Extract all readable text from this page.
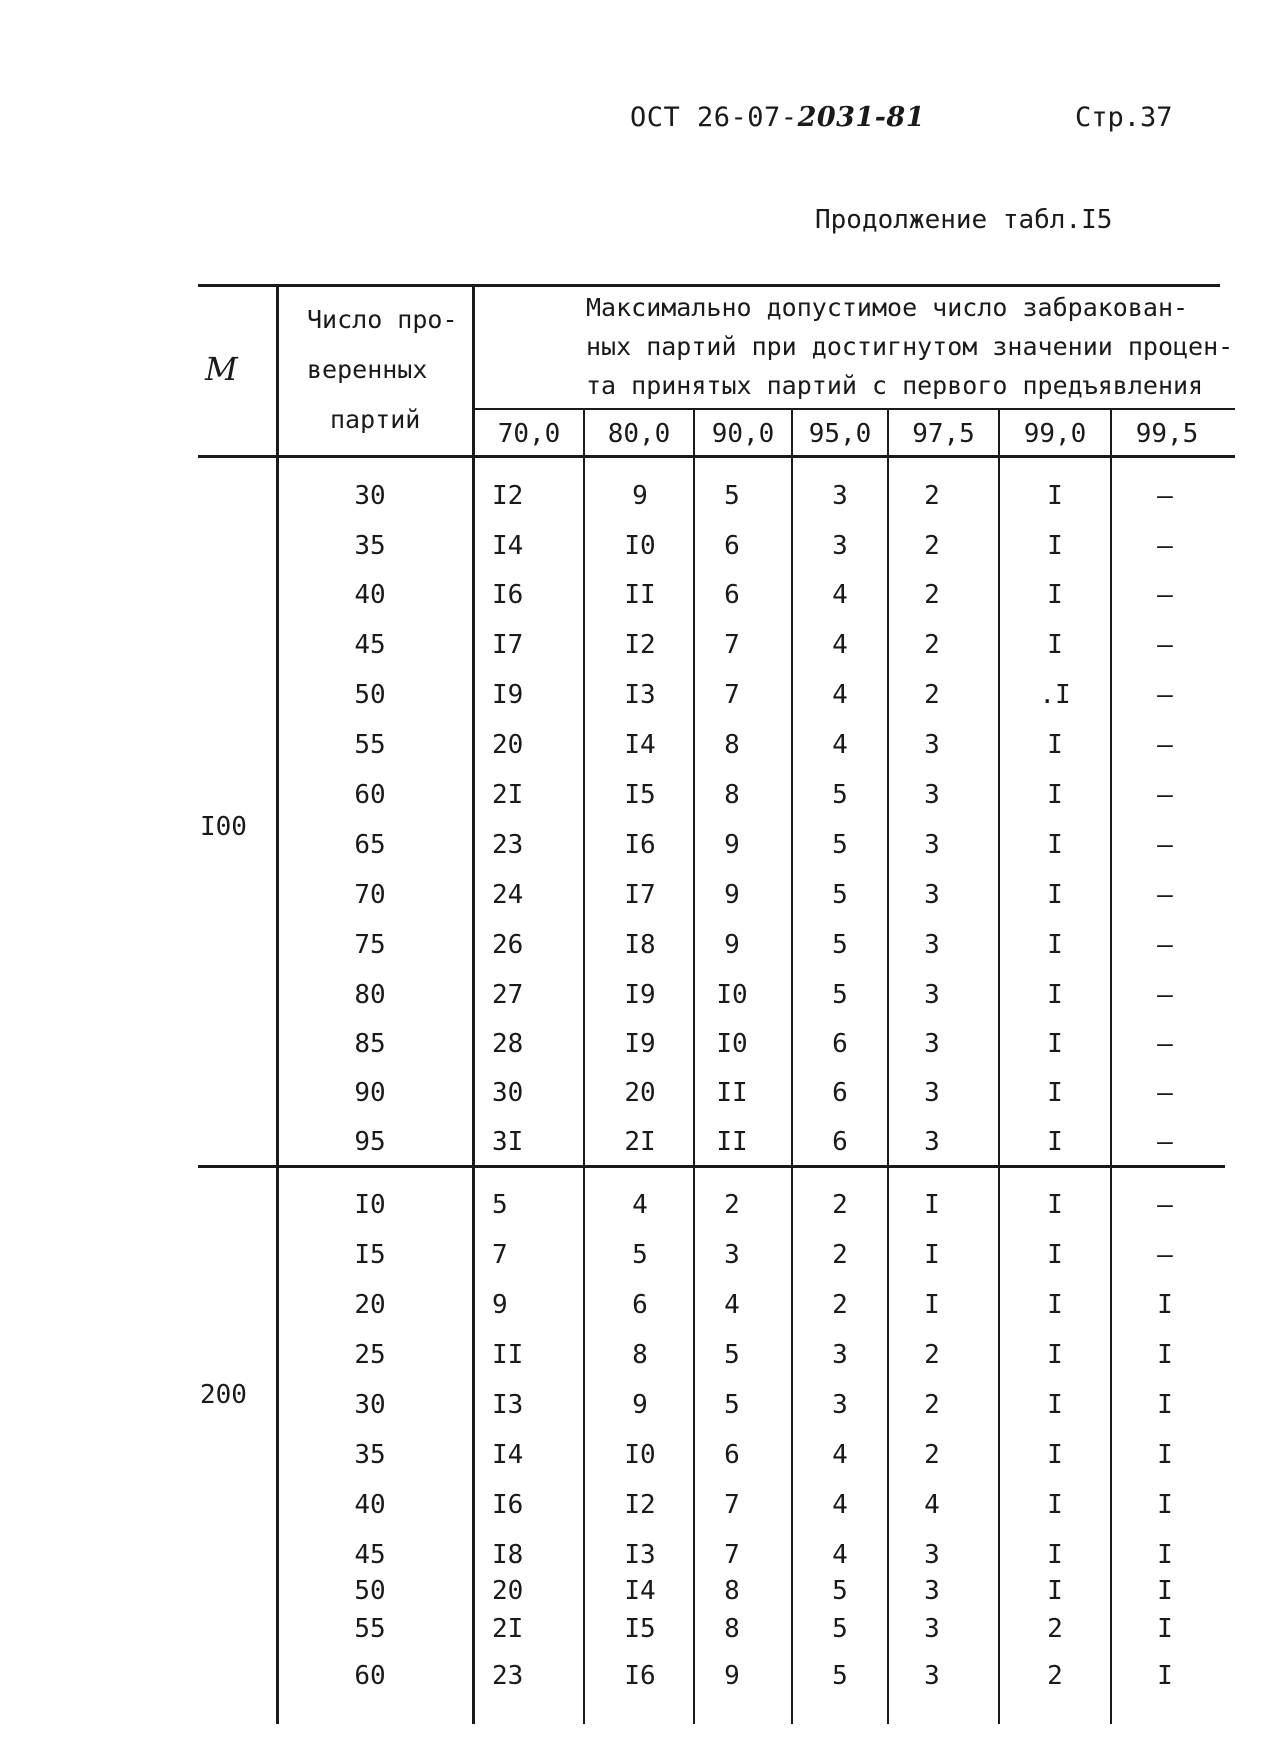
ОСТ 26-07-2031-81	Стр.37
Продолжение табл.I5
M
Число про-
веренных
партий
Максимально допустимое число забракован-
ных партий при достигнутом значении процен-
та принятых партий с первого предъявления
70,0	80,0	90,0	95,0	97,5	99,0	99,5
I00
200
30	I2	9	5	3	2	I	–
35	I4	I0	6	3	2	I	–
40	I6	II	6	4	2	I	–
45	I7	I2	7	4	2	I	–
50	I9	I3	7	4	2	.I	–
55	20	I4	8	4	3	I	–
60	2I	I5	8	5	3	I	–
65	23	I6	9	5	3	I	–
70	24	I7	9	5	3	I	–
75	26	I8	9	5	3	I	–
80	27	I9	I0	5	3	I	–
85	28	I9	I0	6	3	I	–
90	30	20	II	6	3	I	–
95	3I	2I	II	6	3	I	–
I0	5	4	2	2	I	I	–
I5	7	5	3	2	I	I	–
20	9	6	4	2	I	I	I
25	II	8	5	3	2	I	I
30	I3	9	5	3	2	I	I
35	I4	I0	6	4	2	I	I
40	I6	I2	7	4	4	I	I
45	I8	I3	7	4	3	I	I
50	20	I4	8	5	3	I	I
55	2I	I5	8	5	3	2	I
60	23	I6	9	5	3	2	I
